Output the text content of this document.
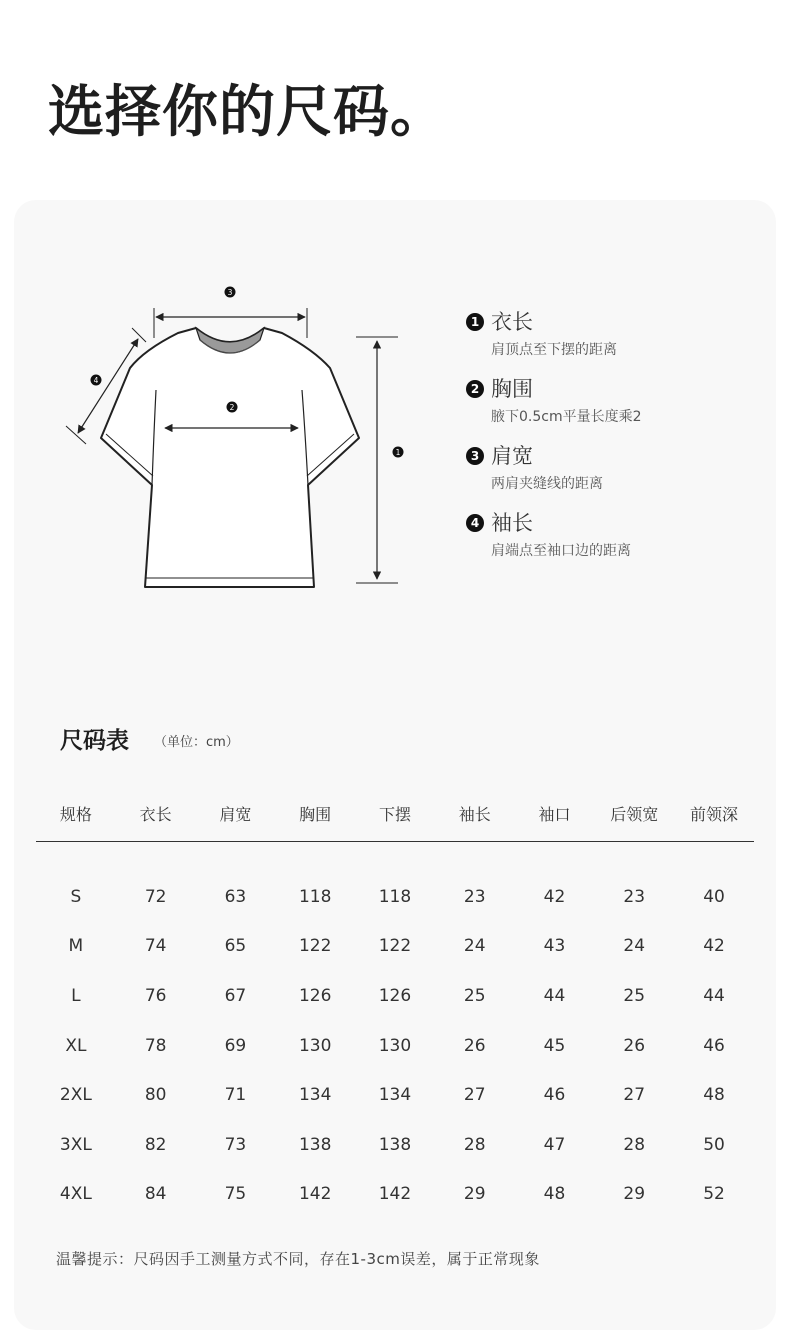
选择你的尺码。
3
4
2
1
1 衣长
肩顶点至下摆的距离
2 胸围
腋下0.5cm平量长度乘2
3 肩宽
两肩夹缝线的距离
4 袖长
肩端点至袖口边的距离
尺码表 （单位：cm）
规格	衣长	肩宽	胸围	下摆	袖长	袖口	后领宽	前领深
S	72	63	118	118	23	42	23	40
M	74	65	122	122	24	43	24	42
L	76	67	126	126	25	44	25	44
XL	78	69	130	130	26	45	26	46
2XL	80	71	134	134	27	46	27	48
3XL	82	73	138	138	28	47	28	50
4XL	84	75	142	142	29	48	29	52
温馨提示：尺码因手工测量方式不同，存在1-3cm误差，属于正常现象
